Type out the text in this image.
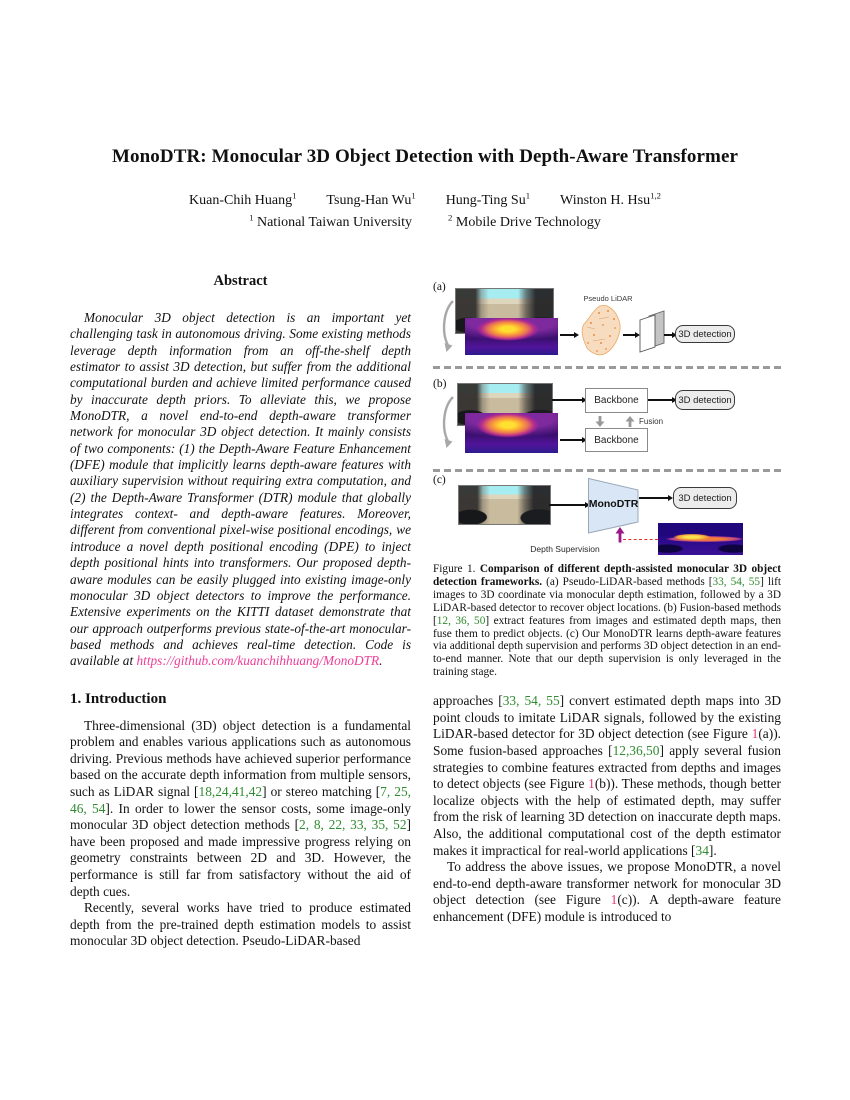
MonoDTR: Monocular 3D Object Detection with Depth-Aware Transformer
Kuan-Chih Huang$^1$ Tsung-Han Wu$^1$ Hung-Ting Su$^1$ Winston H. Hsu$^{1,2}$
$^1$ National Taiwan University	$^2$ Mobile Drive Technology
Abstract
Monocular 3D object detection is an important yet challenging task in autonomous driving. Some existing methods leverage depth information from an off-the-shelf depth estimator to assist 3D detection, but suffer from the additional computational burden and achieve limited performance caused by inaccurate depth priors. To alleviate this, we propose MonoDTR, a novel end-to-end depth-aware transformer network for monocular 3D object detection. It mainly consists of two components: (1) the Depth-Aware Feature Enhancement (DFE) module that implicitly learns depth-aware features with auxiliary supervision without requiring extra computation, and (2) the Depth-Aware Transformer (DTR) module that globally integrates context- and depth-aware features. Moreover, different from conventional pixel-wise positional encodings, we introduce a novel depth positional encoding (DPE) to inject depth positional hints into transformers. Our proposed depth-aware modules can be easily plugged into existing image-only monocular 3D object detectors to improve the performance. Extensive experiments on the KITTI dataset demonstrate that our approach outperforms previous state-of-the-art monocular-based methods and achieves real-time detection. Code is available at https://github.com/kuanchihhuang/MonoDTR.
1. Introduction
Three-dimensional (3D) object detection is a fundamental problem and enables various applications such as autonomous driving. Previous methods have achieved superior performance based on the accurate depth information from multiple sensors, such as LiDAR signal [18,24,41,42] or stereo matching [7, 25, 46, 54]. In order to lower the sensor costs, some image-only monocular 3D object detection methods [2, 8, 22, 33, 35, 52] have been proposed and made impressive progress relying on geometry constraints between 2D and 3D. However, the performance is still far from satisfactory without the aid of depth cues.
Recently, several works have tried to produce estimated depth from the pre-trained depth estimation models to assist monocular 3D object detection. Pseudo-LiDAR-based
(a)
Pseudo LiDAR
3D detection
(b)
Backbone	3D detection
Fusion
Backbone
(c)
MonoDTR	3D detection
Depth Supervision
Figure 1. Comparison of different depth-assisted monocular 3D object detection frameworks. (a) Pseudo-LiDAR-based methods [33, 54, 55] lift images to 3D coordinate via monocular depth estimation, followed by a 3D LiDAR-based detector to recover object locations. (b) Fusion-based methods [12, 36, 50] extract features from images and estimated depth maps, then fuse them to predict objects. (c) Our MonoDTR learns depth-aware features via additional depth supervision and performs 3D object detection in an end-to-end manner. Note that our depth supervision is only leveraged in the training stage.
approaches [33, 54, 55] convert estimated depth maps into 3D point clouds to imitate LiDAR signals, followed by the existing LiDAR-based detector for 3D object detection (see Figure 1(a)). Some fusion-based approaches [12,36,50] apply several fusion strategies to combine features extracted from depths and images to detect objects (see Figure 1(b)). These methods, though better localize objects with the help of estimated depth, may suffer from the risk of learning 3D detection on inaccurate depth maps. Also, the additional computational cost of the depth estimator makes it impractical for real-world applications [34].
To address the above issues, we propose MonoDTR, a novel end-to-end depth-aware transformer network for monocular 3D object detection (see Figure 1(c)). A depth-aware feature enhancement (DFE) module is introduced to
